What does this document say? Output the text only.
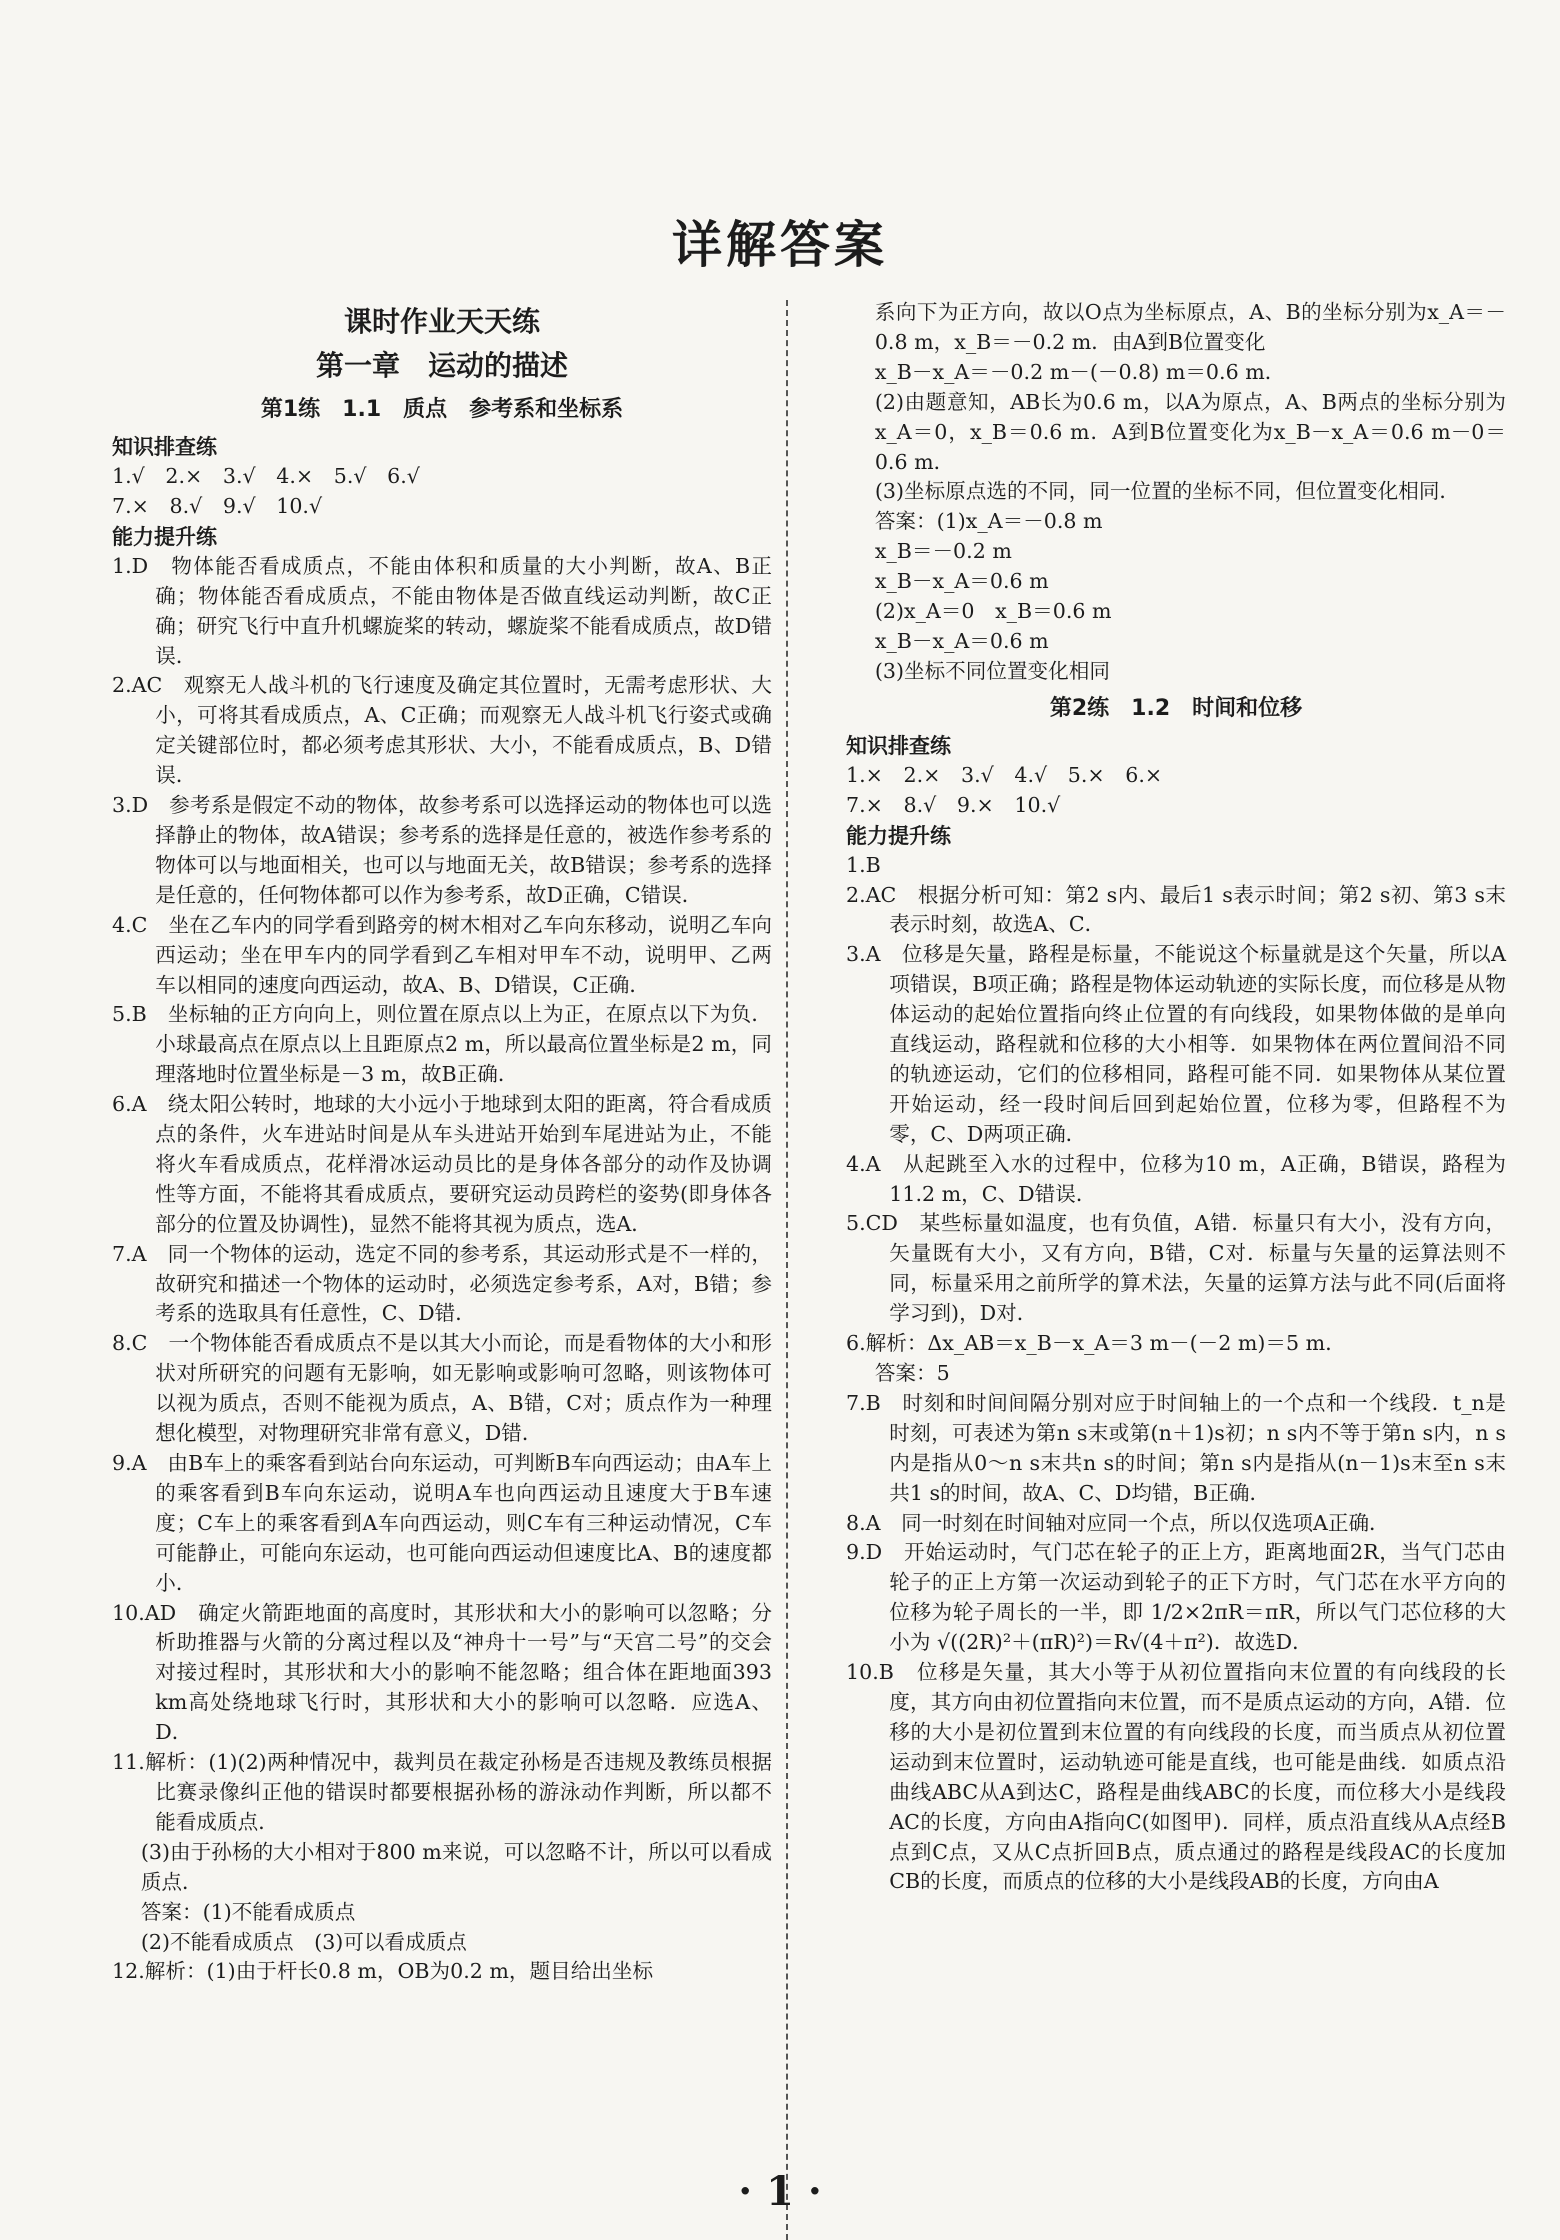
详解答案
课时作业天天练
第一章　运动的描述
第1练　1.1　质点　参考系和坐标系
知识排查练

1.√　2.×　3.√　4.×　5.√　6.√

7.×　8.√　9.√　10.√

能力提升练

1.D　物体能否看成质点，不能由体积和质量的大小判断，故A、B正确；物体能否看成质点，不能由物体是否做直线运动判断，故C正确；研究飞行中直升机螺旋桨的转动，螺旋桨不能看成质点，故D错误．

2.AC　观察无人战斗机的飞行速度及确定其位置时，无需考虑形状、大小，可将其看成质点，A、C正确；而观察无人战斗机飞行姿式或确定关键部位时，都必须考虑其形状、大小，不能看成质点，B、D错误．

3.D　参考系是假定不动的物体，故参考系可以选择运动的物体也可以选择静止的物体，故A错误；参考系的选择是任意的，被选作参考系的物体可以与地面相关，也可以与地面无关，故B错误；参考系的选择是任意的，任何物体都可以作为参考系，故D正确，C错误．

4.C　坐在乙车内的同学看到路旁的树木相对乙车向东移动，说明乙车向西运动；坐在甲车内的同学看到乙车相对甲车不动，说明甲、乙两车以相同的速度向西运动，故A、B、D错误，C正确．

5.B　坐标轴的正方向向上，则位置在原点以上为正，在原点以下为负．小球最高点在原点以上且距原点2 m，所以最高位置坐标是2 m，同理落地时位置坐标是－3 m，故B正确．

6.A　绕太阳公转时，地球的大小远小于地球到太阳的距离，符合看成质点的条件，火车进站时间是从车头进站开始到车尾进站为止，不能将火车看成质点，花样滑冰运动员比的是身体各部分的动作及协调性等方面，不能将其看成质点，要研究运动员跨栏的姿势(即身体各部分的位置及协调性)，显然不能将其视为质点，选A．

7.A　同一个物体的运动，选定不同的参考系，其运动形式是不一样的，故研究和描述一个物体的运动时，必须选定参考系，A对，B错；参考系的选取具有任意性，C、D错．

8.C　一个物体能否看成质点不是以其大小而论，而是看物体的大小和形状对所研究的问题有无影响，如无影响或影响可忽略，则该物体可以视为质点，否则不能视为质点，A、B错，C对；质点作为一种理想化模型，对物理研究非常有意义，D错．

9.A　由B车上的乘客看到站台向东运动，可判断B车向西运动；由A车上的乘客看到B车向东运动，说明A车也向西运动且速度大于B车速度；C车上的乘客看到A车向西运动，则C车有三种运动情况，C车可能静止，可能向东运动，也可能向西运动但速度比A、B的速度都小．

10.AD　确定火箭距地面的高度时，其形状和大小的影响可以忽略；分析助推器与火箭的分离过程以及“神舟十一号”与“天宫二号”的交会对接过程时，其形状和大小的影响不能忽略；组合体在距地面393 km高处绕地球飞行时，其形状和大小的影响可以忽略．应选A、D．

11.解析：(1)(2)两种情况中，裁判员在裁定孙杨是否违规及教练员根据比赛录像纠正他的错误时都要根据孙杨的游泳动作判断，所以都不能看成质点．

(3)由于孙杨的大小相对于800 m来说，可以忽略不计，所以可以看成质点．

答案：(1)不能看成质点

(2)不能看成质点　(3)可以看成质点

12.解析：(1)由于杆长0.8 m，OB为0.2 m，题目给出坐标

系向下为正方向，故以O点为坐标原点，A、B的坐标分别为x_A＝－0.8 m，x_B＝－0.2 m．由A到B位置变化

x_B－x_A＝－0.2 m－(－0.8) m＝0.6 m．

(2)由题意知，AB长为0.6 m，以A为原点，A、B两点的坐标分别为x_A＝0，x_B＝0.6 m．A到B位置变化为x_B－x_A＝0.6 m－0＝0.6 m．

(3)坐标原点选的不同，同一位置的坐标不同，但位置变化相同．

答案：(1)x_A＝－0.8 m

x_B＝－0.2 m

x_B－x_A＝0.6 m

(2)x_A＝0　x_B＝0.6 m

x_B－x_A＝0.6 m

(3)坐标不同位置变化相同

第2练　1.2　时间和位移
知识排查练

1.×　2.×　3.√　4.√　5.×　6.×

7.×　8.√　9.×　10.√

能力提升练

1.B

2.AC　根据分析可知：第2 s内、最后1 s表示时间；第2 s初、第3 s末表示时刻，故选A、C．

3.A　位移是矢量，路程是标量，不能说这个标量就是这个矢量，所以A项错误，B项正确；路程是物体运动轨迹的实际长度，而位移是从物体运动的起始位置指向终止位置的有向线段，如果物体做的是单向直线运动，路程就和位移的大小相等．如果物体在两位置间沿不同的轨迹运动，它们的位移相同，路程可能不同．如果物体从某位置开始运动，经一段时间后回到起始位置，位移为零，但路程不为零，C、D两项正确．

4.A　从起跳至入水的过程中，位移为10 m，A正确，B错误，路程为11.2 m，C、D错误．

5.CD　某些标量如温度，也有负值，A错．标量只有大小，没有方向，矢量既有大小，又有方向，B错，C对．标量与矢量的运算法则不同，标量采用之前所学的算术法，矢量的运算方法与此不同(后面将学习到)，D对．

6.解析：Δx_AB＝x_B－x_A＝3 m－(－2 m)＝5 m．

答案：5

7.B　时刻和时间间隔分别对应于时间轴上的一个点和一个线段．t_n是时刻，可表述为第n s末或第(n＋1)s初；n s内不等于第n s内，n s内是指从0～n s末共n s的时间；第n s内是指从(n－1)s末至n s末共1 s的时间，故A、C、D均错，B正确．

8.A　同一时刻在时间轴对应同一个点，所以仅选项A正确．

9.D　开始运动时，气门芯在轮子的正上方，距离地面2R，当气门芯由轮子的正上方第一次运动到轮子的正下方时，气门芯在水平方向的位移为轮子周长的一半，即 1/2×2πR＝πR，所以气门芯位移的大小为 √((2R)²＋(πR)²)＝R√(4＋π²)．故选D．

10.B　位移是矢量，其大小等于从初位置指向末位置的有向线段的长度，其方向由初位置指向末位置，而不是质点运动的方向，A错．位移的大小是初位置到末位置的有向线段的长度，而当质点从初位置运动到末位置时，运动轨迹可能是直线，也可能是曲线．如质点沿曲线ABC从A到达C，路程是曲线ABC的长度，而位移大小是线段AC的长度，方向由A指向C(如图甲)．同样，质点沿直线从A点经B点到C点，又从C点折回B点，质点通过的路程是线段AC的长度加CB的长度，而质点的位移的大小是线段AB的长度，方向由A

· 1 ·
